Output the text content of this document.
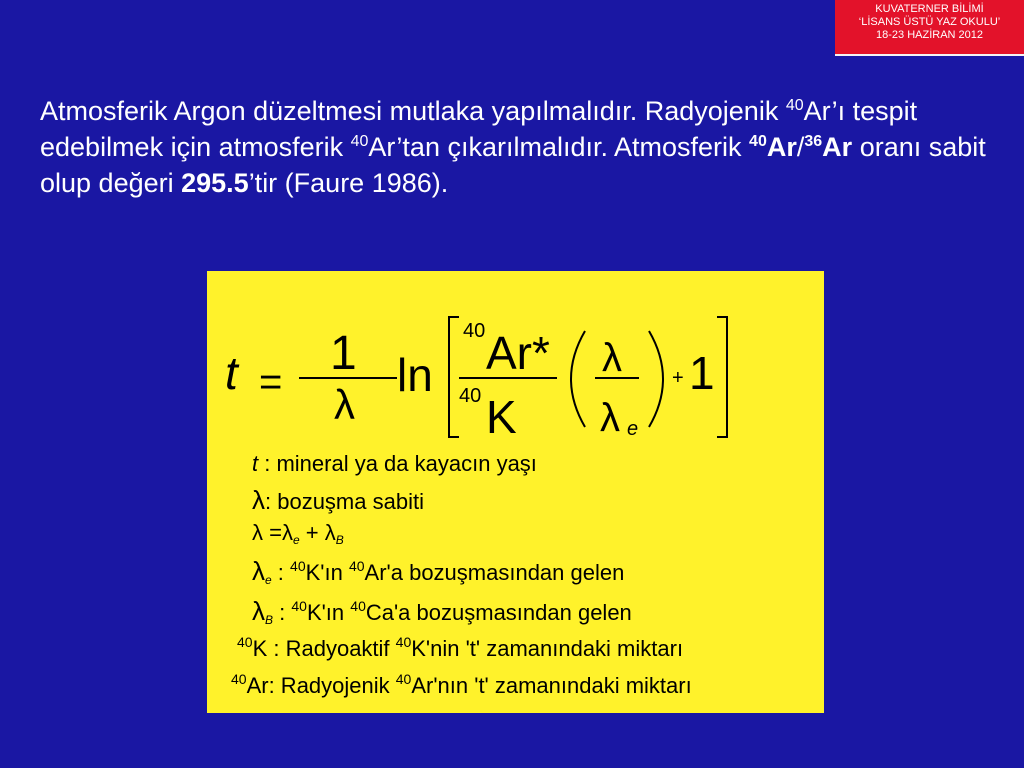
KUVATERNER BİLİMİ
‘LİSANS ÜSTÜ YAZ OKULU’
18-23 HAZİRAN 2012
Atmosferik Argon düzeltmesi mutlaka yapılmalıdır. Radyojenik $^{40}$Ar’ı tespit edebilmek için atmosferik $^{40}$Ar’tan çıkarılmalıdır. Atmosferik $^{40}$Ar/$^{36}$Ar oranı sabit olup değeri 295.5’tir (Faure 1986).
t =
1
λ
ln
40 Ar*
40 K
λ
λ e
+ 1
t : mineral ya da kayacın yaşı
λ: bozuşma sabiti
$\lambda =\lambda_e + \lambda_B$
$\lambda_e$ : $^{40}$K'ın $^{40}$Ar'a bozuşmasından gelen
$\lambda_B$ : $^{40}$K'ın $^{40}$Ca'a bozuşmasından gelen
$^{40}$K : Radyoaktif $^{40}$K'nin 't' zamanındaki miktarı
$^{40}$Ar: Radyojenik $^{40}$Ar'nın 't' zamanındaki miktarı
